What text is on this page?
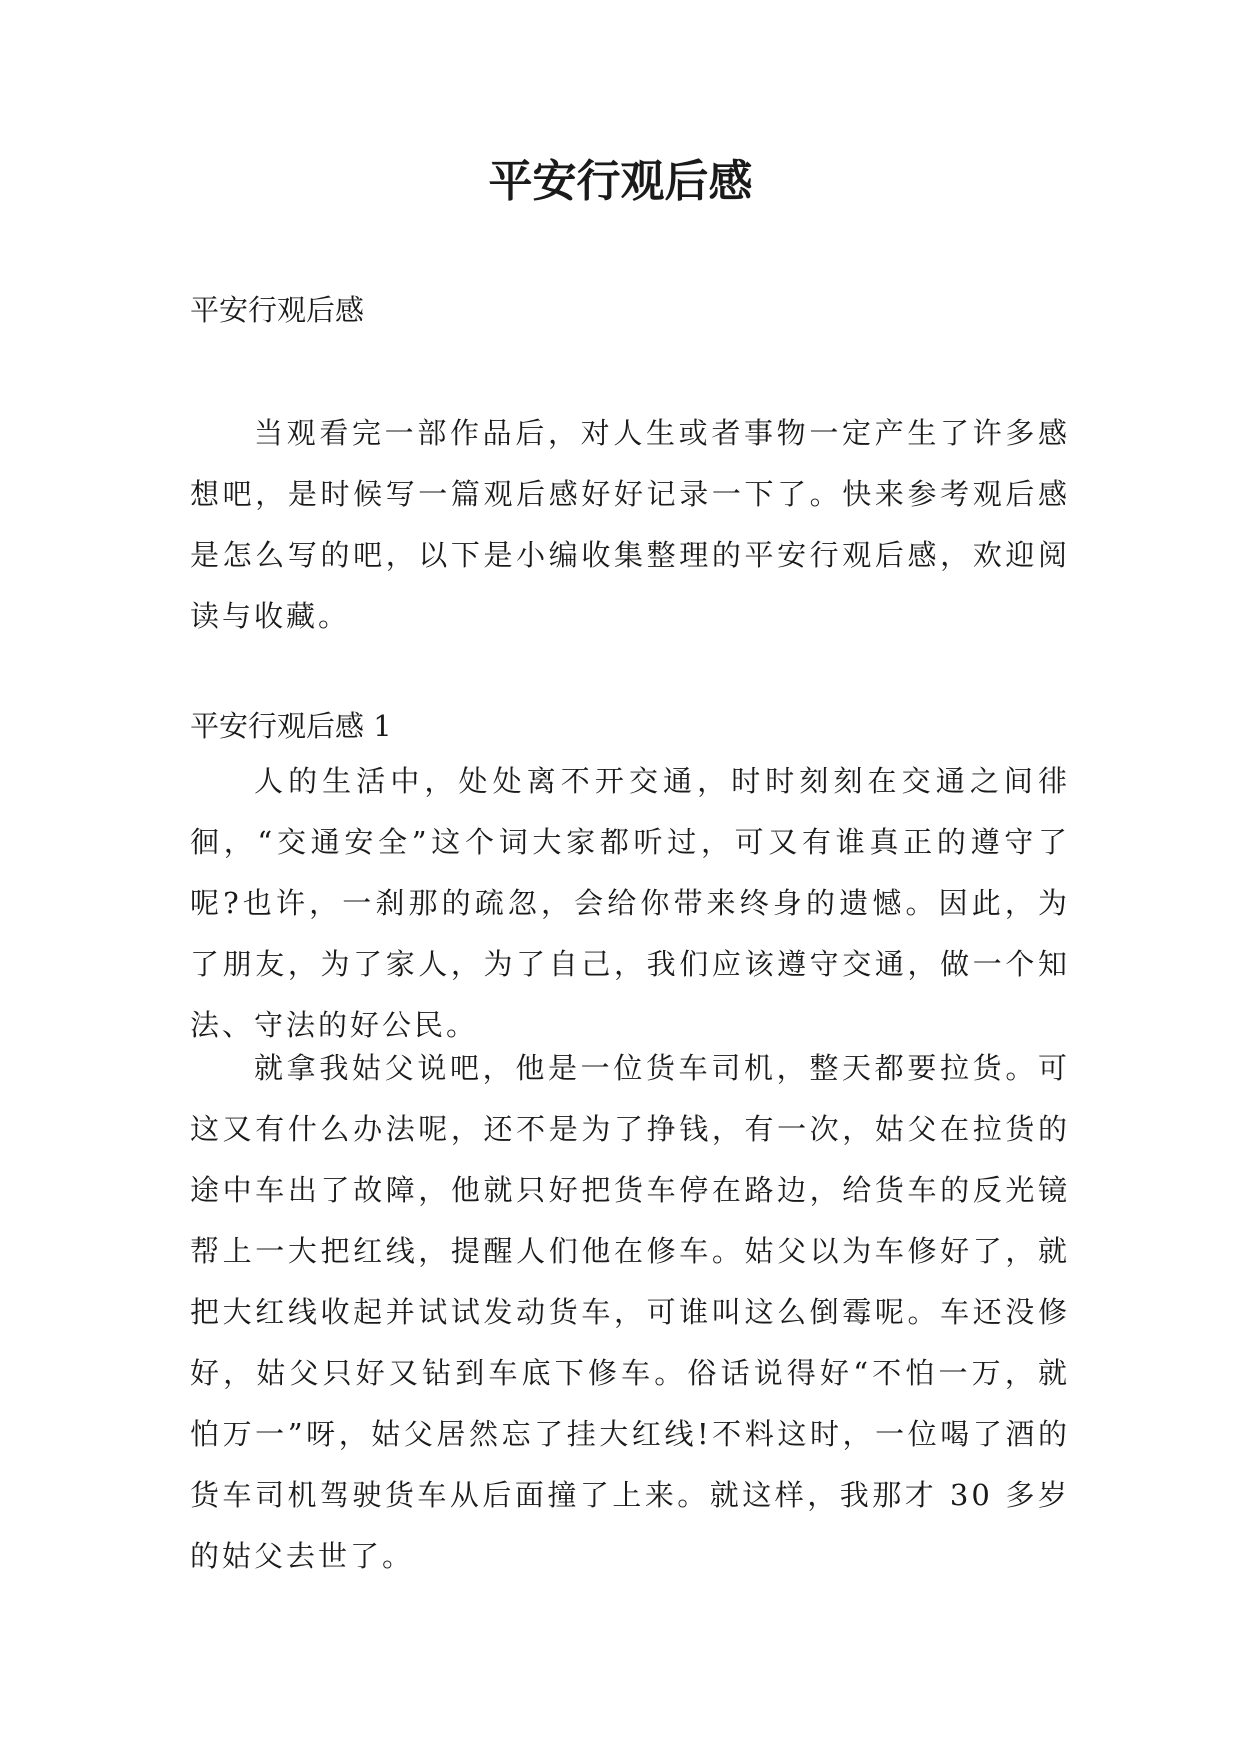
平安行观后感

平安行观后感

当观看完一部作品后，对人生或者事物一定产生了许多感想吧，是时候写一篇观后感好好记录一下了。快来参考观后感是怎么写的吧，以下是小编收集整理的平安行观后感，欢迎阅读与收藏。

平安行观后感 1

人的生活中，处处离不开交通，时时刻刻在交通之间徘徊，“交通安全”这个词大家都听过，可又有谁真正的遵守了呢?也许，一刹那的疏忽，会给你带来终身的遗憾。因此，为了朋友，为了家人，为了自己，我们应该遵守交通，做一个知法、守法的好公民。

就拿我姑父说吧，他是一位货车司机，整天都要拉货。可这又有什么办法呢，还不是为了挣钱，有一次，姑父在拉货的途中车出了故障，他就只好把货车停在路边，给货车的反光镜帮上一大把红线，提醒人们他在修车。姑父以为车修好了，就把大红线收起并试试发动货车，可谁叫这么倒霉呢。车还没修好，姑父只好又钻到车底下修车。俗话说得好“不怕一万，就怕万一”呀，姑父居然忘了挂大红线!不料这时，一位喝了酒的货车司机驾驶货车从后面撞了上来。就这样，我那才 30 多岁的姑父去世了。
